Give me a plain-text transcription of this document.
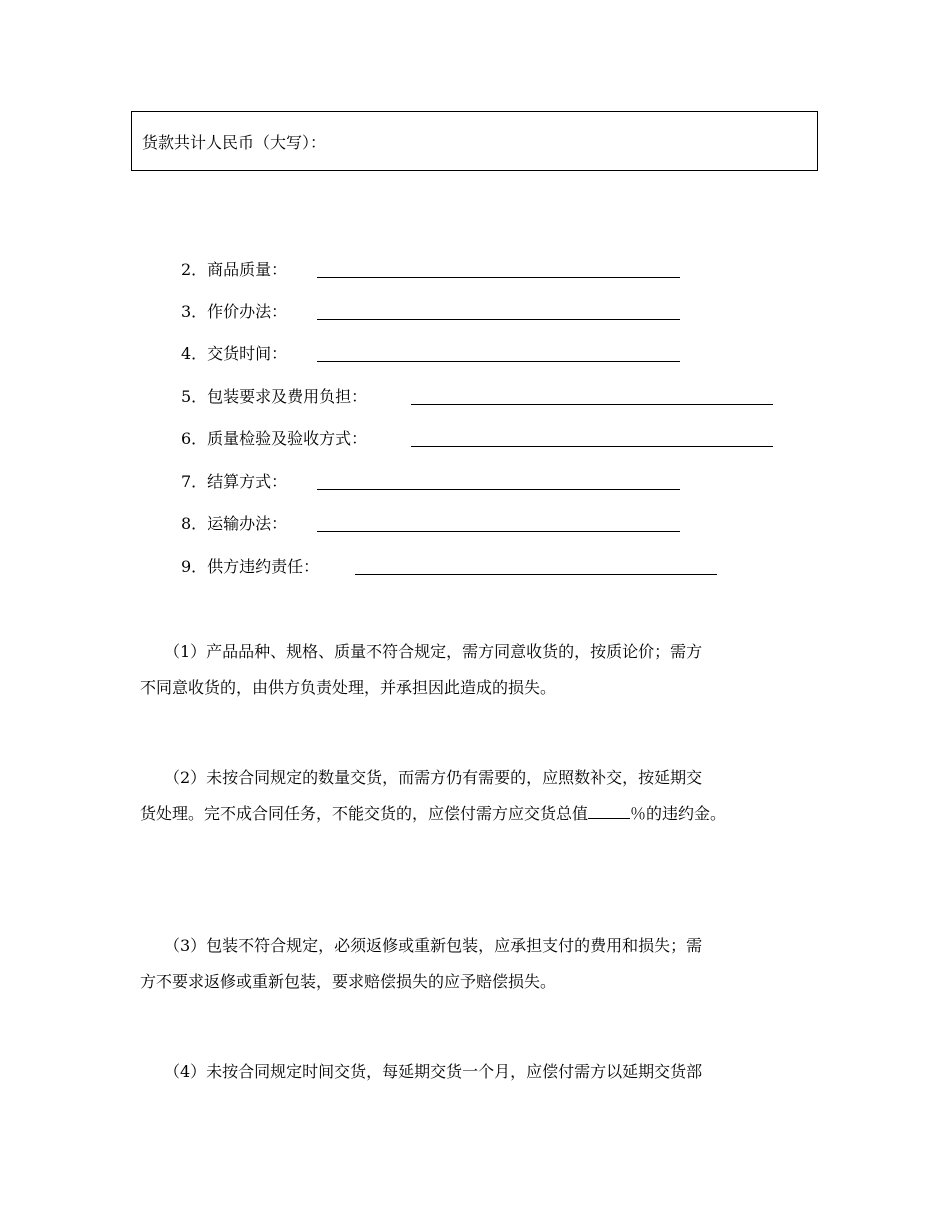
货款共计人民币（大写）：
2．商品质量：
3．作价办法：
4．交货时间：
5．包装要求及费用负担：
6．质量检验及验收方式：
7．结算方式：
8．运输办法：
9．供方违约责任：
　　（1）产品品种、规格、质量不符合规定，需方同意收货的，按质论价；需方
不同意收货的，由供方负责处理，并承担因此造成的损失。
　　（2）未按合同规定的数量交货，而需方仍有需要的，应照数补交，按延期交
货处理。完不成合同任务，不能交货的，应偿付需方应交货总值	％的违约金。
　　（3）包装不符合规定，必须返修或重新包装，应承担支付的费用和损失；需
方不要求返修或重新包装，要求赔偿损失的应予赔偿损失。
　　（4）未按合同规定时间交货，每延期交货一个月，应偿付需方以延期交货部
